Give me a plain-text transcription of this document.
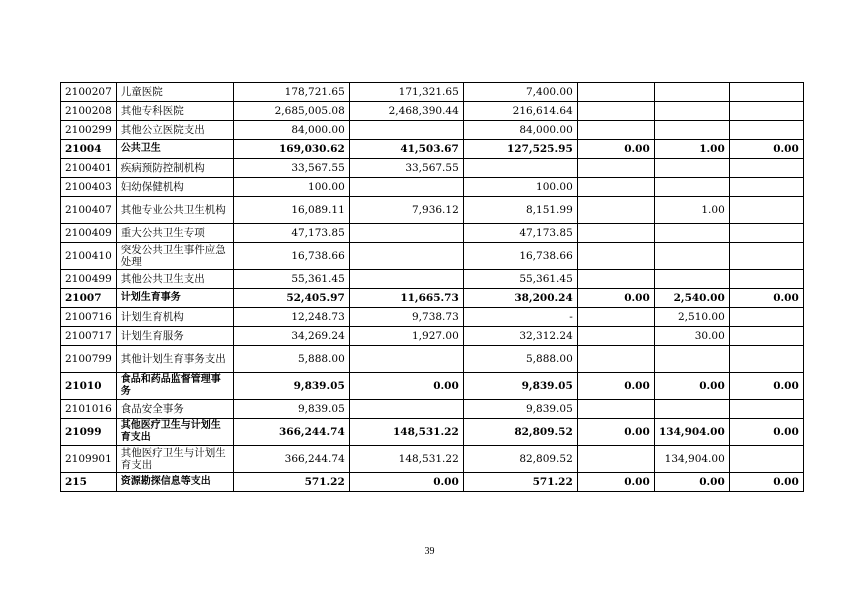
2100207	儿童医院	178,721.65	171,321.65	7,400.00			
2100208	其他专科医院	2,685,005.08	2,468,390.44	216,614.64			
2100299	其他公立医院支出	84,000.00		84,000.00			
21004	公共卫生	169,030.62	41,503.67	127,525.95	0.00	1.00	0.00
2100401	疾病预防控制机构	33,567.55	33,567.55				
2100403	妇幼保健机构	100.00		100.00			
2100407	其他专业公共卫生机构	16,089.11	7,936.12	8,151.99		1.00	
2100409	重大公共卫生专项	47,173.85		47,173.85			
2100410	突发公共卫生事件应急处理	16,738.66		16,738.66			
2100499	其他公共卫生支出	55,361.45		55,361.45			
21007	计划生育事务	52,405.97	11,665.73	38,200.24	0.00	2,540.00	0.00
2100716	计划生育机构	12,248.73	9,738.73	-		2,510.00	
2100717	计划生育服务	34,269.24	1,927.00	32,312.24		30.00	
2100799	其他计划生育事务支出	5,888.00		5,888.00			
21010	食品和药品监督管理事务	9,839.05	0.00	9,839.05	0.00	0.00	0.00
2101016	食品安全事务	9,839.05		9,839.05			
21099	其他医疗卫生与计划生育支出	366,244.74	148,531.22	82,809.52	0.00	134,904.00	0.00
2109901	其他医疗卫生与计划生育支出	366,244.74	148,531.22	82,809.52		134,904.00	
215	资源勘探信息等支出	571.22	0.00	571.22	0.00	0.00	0.00
39
